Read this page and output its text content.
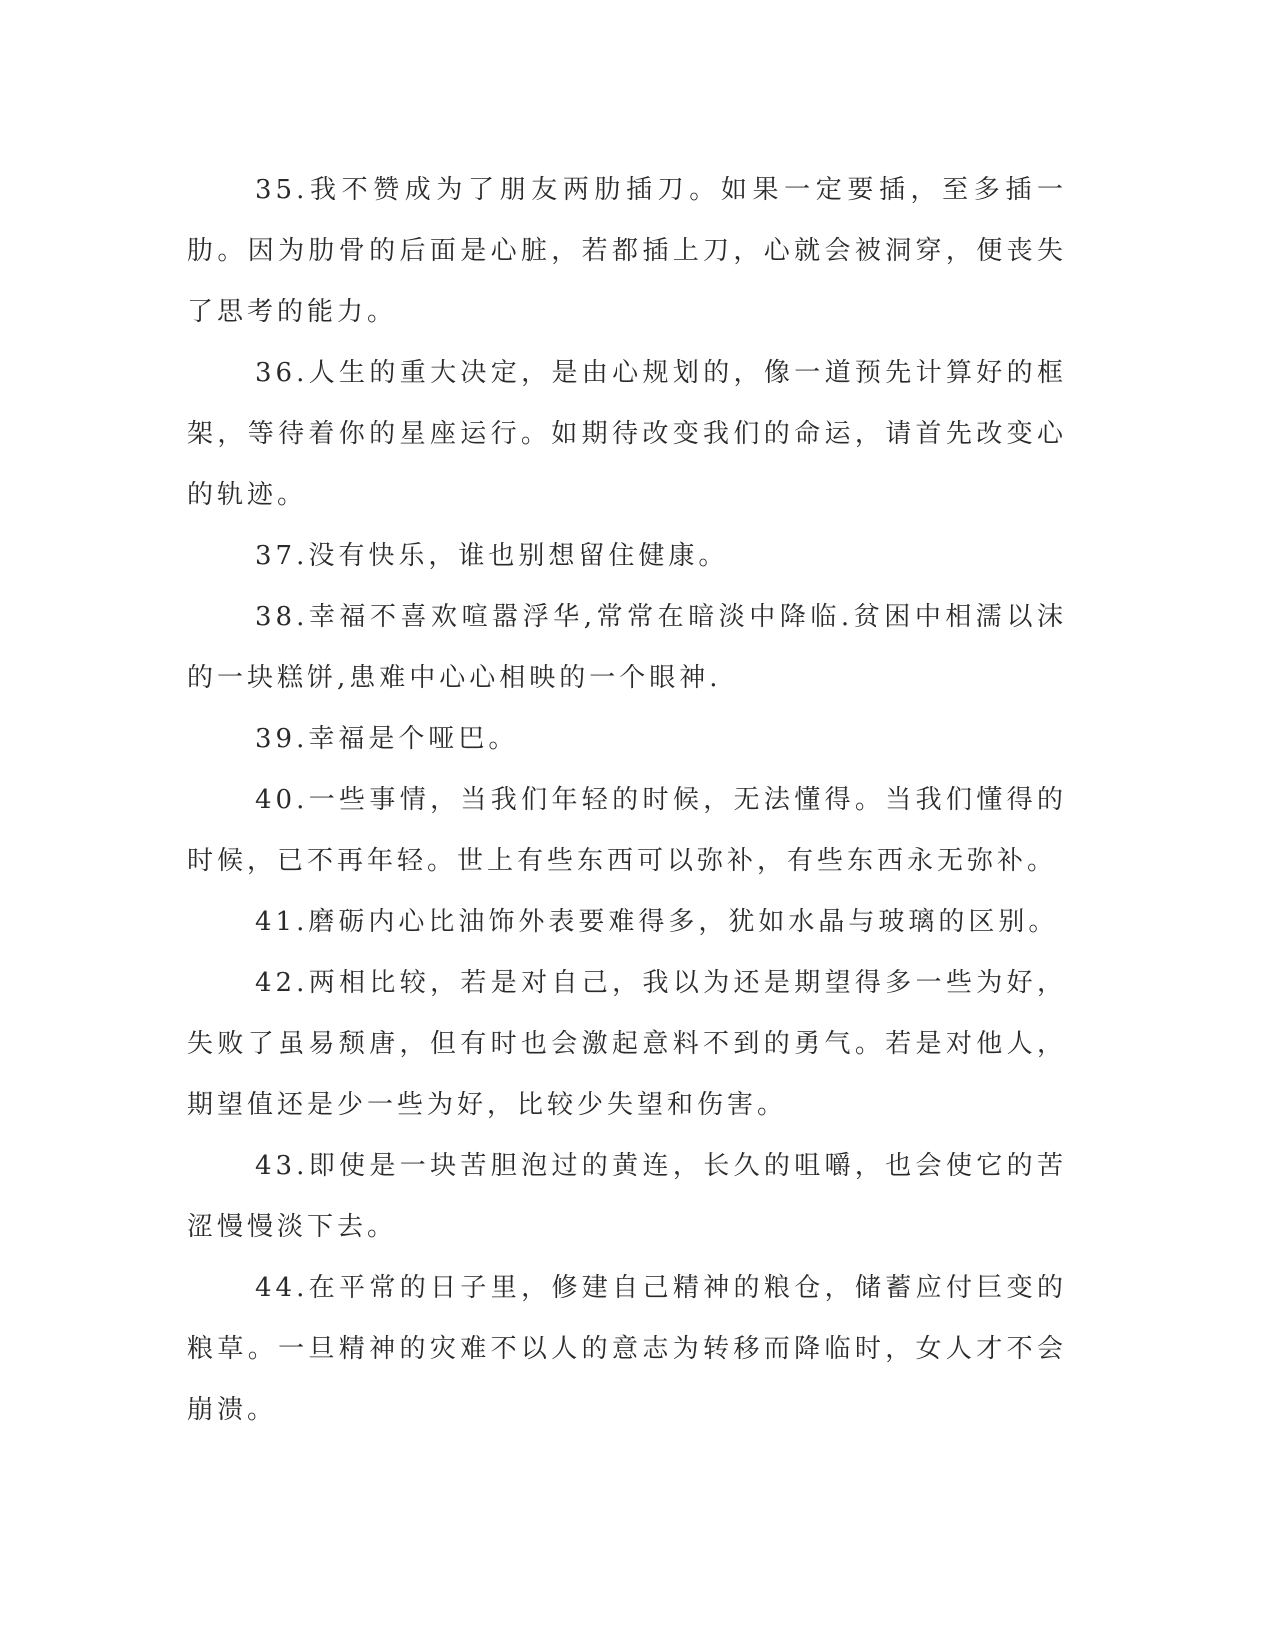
35.我不赞成为了朋友两肋插刀。如果一定要插，至多插一肋。因为肋骨的后面是心脏，若都插上刀，心就会被洞穿，便丧失了思考的能力。

36.人生的重大决定，是由心规划的，像一道预先计算好的框架，等待着你的星座运行。如期待改变我们的命运，请首先改变心的轨迹。

37.没有快乐，谁也别想留住健康。

38.幸福不喜欢喧嚣浮华,常常在暗淡中降临.贫困中相濡以沫的一块糕饼,患难中心心相映的一个眼神.

39.幸福是个哑巴。

40.一些事情，当我们年轻的时候，无法懂得。当我们懂得的时候，已不再年轻。世上有些东西可以弥补，有些东西永无弥补。

41.磨砺内心比油饰外表要难得多，犹如水晶与玻璃的区别。

42.两相比较，若是对自己，我以为还是期望得多一些为好，失败了虽易颓唐，但有时也会激起意料不到的勇气。若是对他人，期望值还是少一些为好，比较少失望和伤害。

43.即使是一块苦胆泡过的黄连，长久的咀嚼，也会使它的苦涩慢慢淡下去。

44.在平常的日子里，修建自己精神的粮仓，储蓄应付巨变的粮草。一旦精神的灾难不以人的意志为转移而降临时，女人才不会崩溃。
